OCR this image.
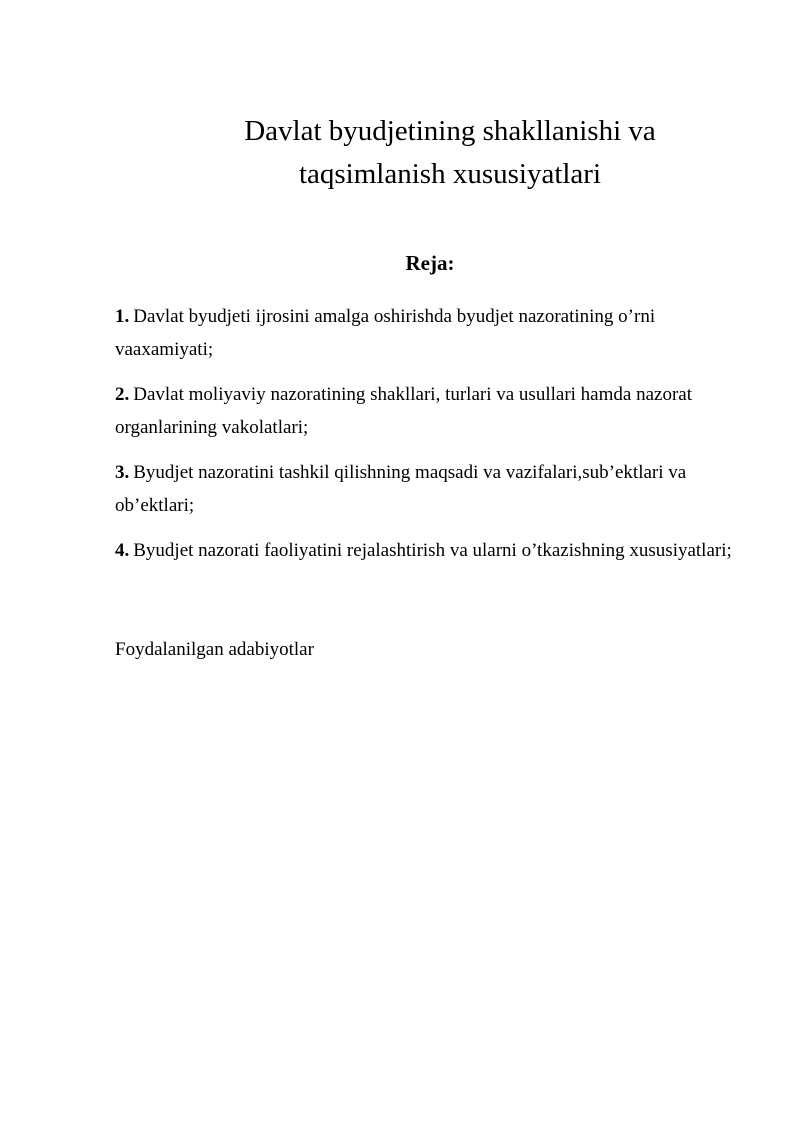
Davlat byudjetining shakllanishi va
taqsimlanish xususiyatlari
Reja:
1. Davlat byudjeti ijrosini amalga oshirishda byudjet nazoratining o’rni vaaxamiyati;
2. Davlat moliyaviy nazoratining shakllari, turlari va usullari hamda nazorat organlarining vakolatlari;
3. Byudjet nazoratini tashkil qilishning maqsadi va vazifalari,sub’ektlari va ob’ektlari;
4. Byudjet nazorati faoliyatini rejalashtirish va ularni o’tkazishning xususiyatlari;

Foydalanilgan adabiyotlar
